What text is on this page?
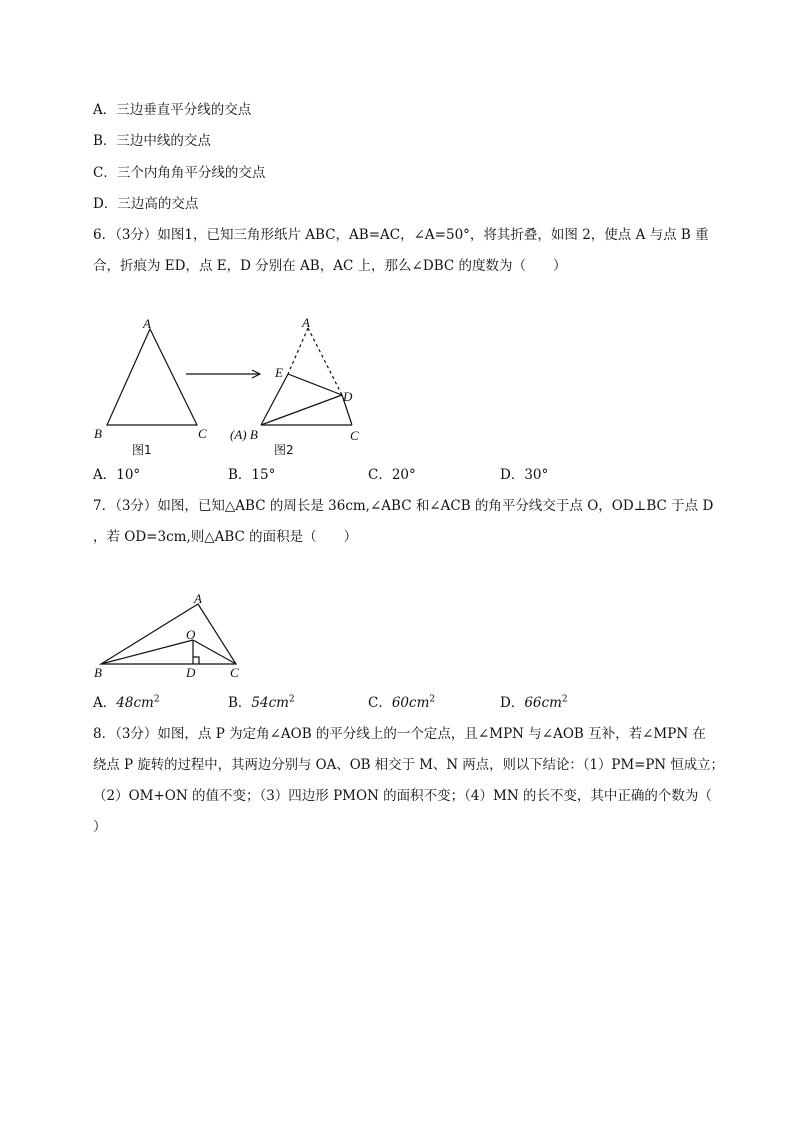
A．三边垂直平分线的交点
B．三边中线的交点
C．三个内角角平分线的交点
D．三边高的交点
6．（3分）如图1，已知三角形纸片 ABC，AB=AC，∠A=50°，将其折叠，如图 2，使点 A 与点 B 重
合，折痕为 ED，点 E，D 分别在 AB，AC 上，那么∠DBC 的度数为（　　）
A
B	C
图1
A
E
D
(A) B	C
图2
A．10°	B．15°	C．20°	D．30°
7．（3分）如图，已知△ABC 的周长是 36cm,∠ABC 和∠ACB 的角平分线交于点 O，OD⊥BC 于点 D
，若 OD=3cm,则△ABC 的面积是（　　）
A
O
B	D	C
A．$48cm^2$	B．$54cm^2$	C．$60cm^2$	D．$66cm^2$
8．（3分）如图，点 P 为定角∠AOB 的平分线上的一个定点，且∠MPN 与∠AOB 互补，若∠MPN 在
绕点 P 旋转的过程中，其两边分别与 OA、OB 相交于 M、N 两点，则以下结论：（1）PM=PN 恒成立；
（2）OM+ON 的值不变；（3）四边形 PMON 的面积不变；（4）MN 的长不变，其中正确的个数为（
）
